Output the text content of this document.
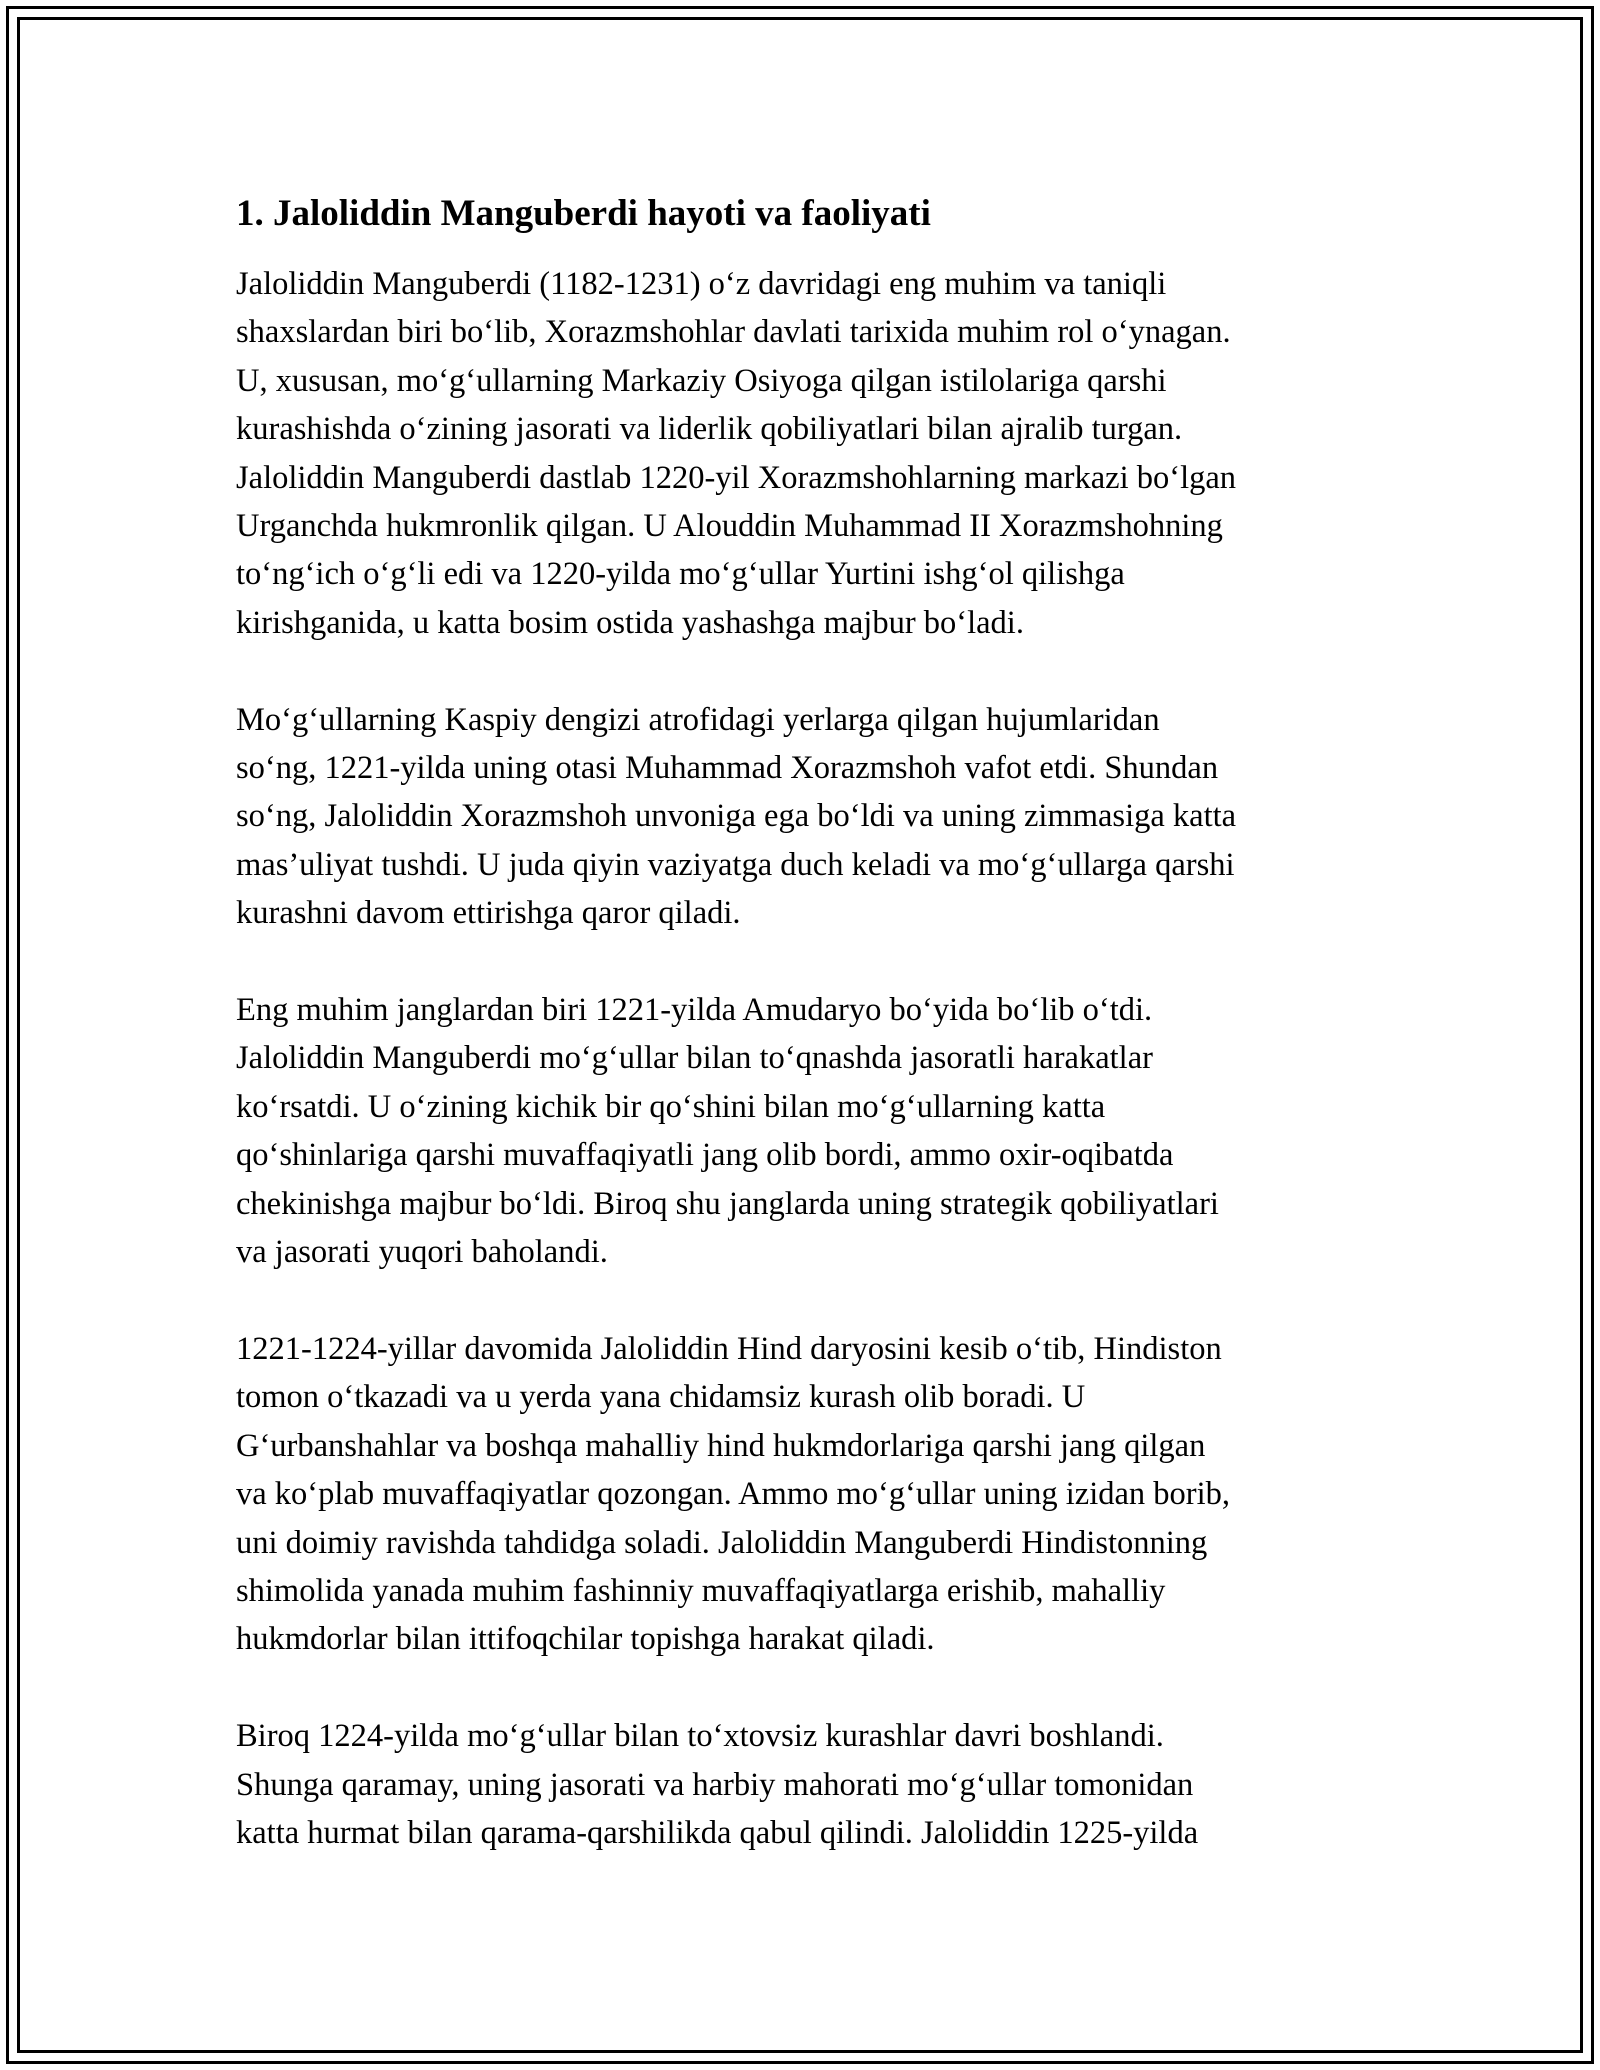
1. Jaloliddin Manguberdi hayoti va faoliyati

Jaloliddin Manguberdi (1182-1231) o‘z davridagi eng muhim va taniqli
shaxslardan biri bo‘lib, Xorazmshohlar davlati tarixida muhim rol o‘ynagan.
U, xususan, mo‘g‘ullarning Markaziy Osiyoga qilgan istilolariga qarshi
kurashishda o‘zining jasorati va liderlik qobiliyatlari bilan ajralib turgan.
Jaloliddin Manguberdi dastlab 1220-yil Xorazmshohlarning markazi bo‘lgan
Urganchda hukmronlik qilgan. U Alouddin Muhammad II Xorazmshohning
to‘ng‘ich o‘g‘li edi va 1220-yilda mo‘g‘ullar Yurtini ishg‘ol qilishga
kirishganida, u katta bosim ostida yashashga majbur bo‘ladi.

Mo‘g‘ullarning Kaspiy dengizi atrofidagi yerlarga qilgan hujumlaridan
so‘ng, 1221-yilda uning otasi Muhammad Xorazmshoh vafot etdi. Shundan
so‘ng, Jaloliddin Xorazmshoh unvoniga ega bo‘ldi va uning zimmasiga katta
mas’uliyat tushdi. U juda qiyin vaziyatga duch keladi va mo‘g‘ullarga qarshi
kurashni davom ettirishga qaror qiladi.

Eng muhim janglardan biri 1221-yilda Amudaryo bo‘yida bo‘lib o‘tdi.
Jaloliddin Manguberdi mo‘g‘ullar bilan to‘qnashda jasoratli harakatlar
ko‘rsatdi. U o‘zining kichik bir qo‘shini bilan mo‘g‘ullarning katta
qo‘shinlariga qarshi muvaffaqiyatli jang olib bordi, ammo oxir-oqibatda
chekinishga majbur bo‘ldi. Biroq shu janglarda uning strategik qobiliyatlari
va jasorati yuqori baholandi.

1221-1224-yillar davomida Jaloliddin Hind daryosini kesib o‘tib, Hindiston
tomon o‘tkazadi va u yerda yana chidamsiz kurash olib boradi. U
G‘urbanshahlar va boshqa mahalliy hind hukmdorlariga qarshi jang qilgan
va ko‘plab muvaffaqiyatlar qozongan. Ammo mo‘g‘ullar uning izidan borib,
uni doimiy ravishda tahdidga soladi. Jaloliddin Manguberdi Hindistonning
shimolida yanada muhim fashinniy muvaffaqiyatlarga erishib, mahalliy
hukmdorlar bilan ittifoqchilar topishga harakat qiladi.

Biroq 1224-yilda mo‘g‘ullar bilan to‘xtovsiz kurashlar davri boshlandi.
Shunga qaramay, uning jasorati va harbiy mahorati mo‘g‘ullar tomonidan
katta hurmat bilan qarama-qarshilikda qabul qilindi. Jaloliddin 1225-yilda
